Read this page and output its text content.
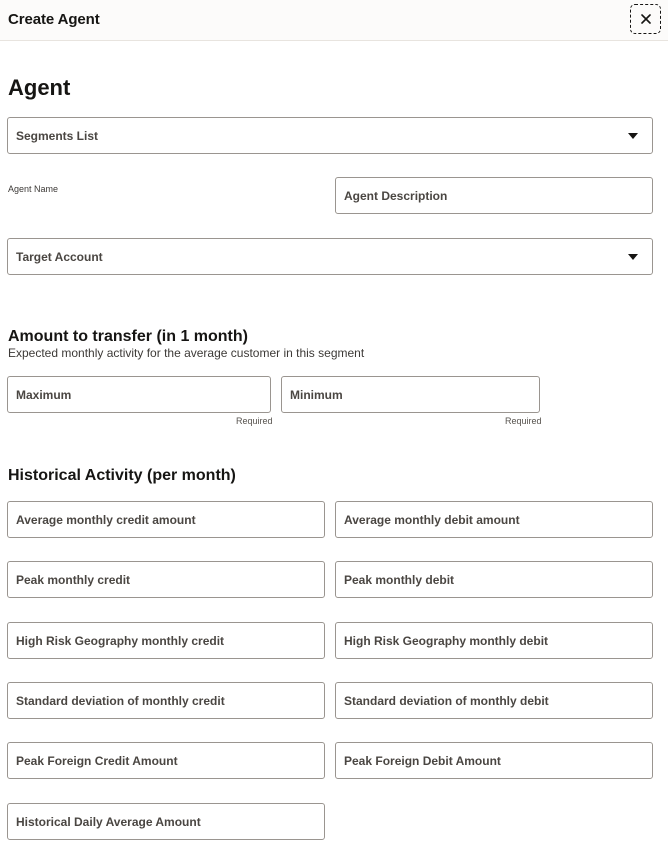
Create Agent
Agent
Segments List
Agent Name	Agent Description
Target Account
Amount to transfer (in 1 month)
Expected monthly activity for the average customer in this segment
Maximum
Required
Minimum
Required
Historical Activity (per month)
Average monthly credit amount	Average monthly debit amount
Peak monthly credit	Peak monthly debit
High Risk Geography monthly credit	High Risk Geography monthly debit
Standard deviation of monthly credit	Standard deviation of monthly debit
Peak Foreign Credit Amount	Peak Foreign Debit Amount
Historical Daily Average Amount
